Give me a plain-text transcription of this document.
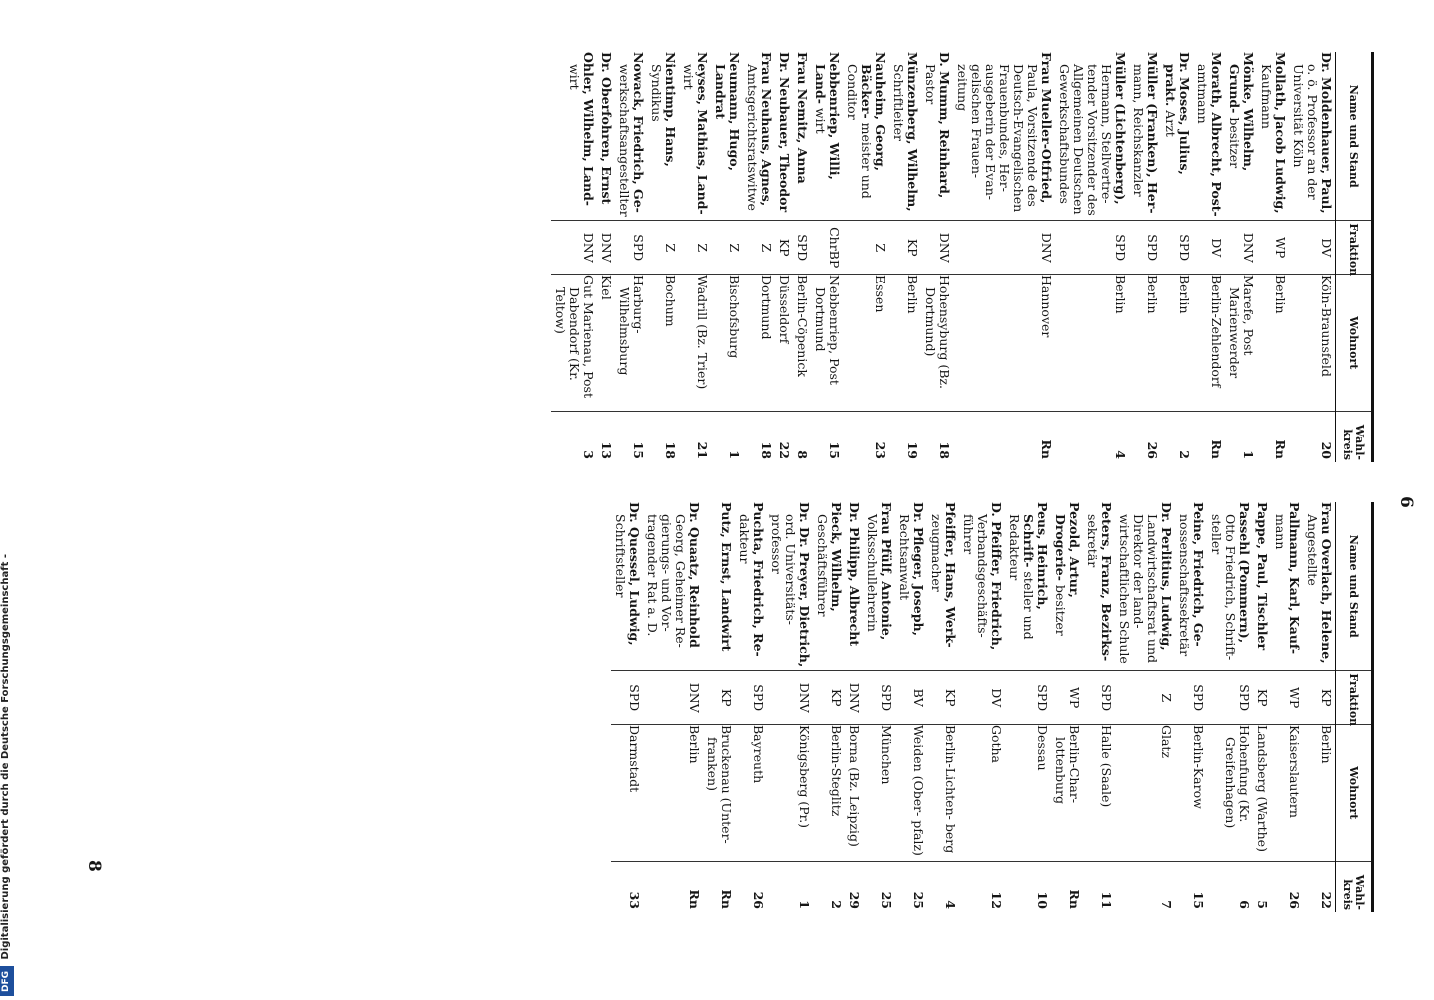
Digitalisierung gefördert durch die Deutsche Forschungsgemeinschaft -
DFG
6
8
Name und Stand	Fraktion	Wohnort	Wahl-kreis
Dr. Moldenhauer, Paul, o. ö. Professor an der Universität Köln	DV	Köln-Braunsfeld	20
Mollath, Jacob Ludwig, Kaufmann	WP	Berlin	Rn
Mönke, Wilhelm, Grund- besitzer	DNV	Marefe, Post Marienwerder	1
Morath, Albrecht, Post- amtmann	DV	Berlin-Zehlendorf	Rn
Dr. Moses, Julius, prakt. Arzt	SPD	Berlin	2
Müller (Franken), Her- mann, Reichskanzler	SPD	Berlin	26
Müller (Lichtenberg), Hermann, Stellvertre- tender Vorsitzender des Allgemeinen Deutschen Gewerkschaftsbundes	SPD	Berlin	4
Frau Mueller-Otfried, Paula, Vorsitzende des Deutsch-Evangelischen Frauenbundes, Her- ausgeberin der Evan- gelischen Frauen- zeitung	DNV	Hannover	Rn
D. Mumm, Reinhard, Pastor	DNV	Hohensyburg (Bz. Dortmund)	18
Münzenberg, Wilhelm, Schriftleiter	KP	Berlin	19
Nauheim, Georg, Bäcker- meister und Conditor	Z	Essen	23
Nebbenriep, Willi, Land- wirt	ChrBP	Nebbenriep, Post Dortmund	15
Frau Nemitz, Anna	SPD	Berlin-Cöpenick	8
Dr. Neubauer, Theodor	KP	Düsseldorf	22
Frau Neuhaus, Agnes, Amtsgerichtsratswitwe	Z	Dortmund	18
Neumann, Hugo, Landrat	Z	Bischofsburg	1
Neyses, Mathias, Land- wirt	Z	Wadrill (Bz. Trier)	21
Nientimp, Hans, Syndikus	Z	Bochum	18
Nowack, Friedrich, Ge- werkschaftsangestellter	SPD	Harburg- Wilhelmsburg	15
Dr. Oberfohren, Ernst	DNV	Kiel	13
Ohler, Wilhelm, Land- wirt	DNV	Gut Marienau, Post Dabendorf (Kr. Teltow)	3
Name und Stand	Fraktion	Wohnort	Wahl-kreis
Frau Overlach, Helene, Angestellte	KP	Berlin	22
Pallmann, Karl, Kauf- mann	WP	Kaiserslautern	26
Pappe, Paul, Tischler	KP	Landsberg (Warthe)	5
Passehl (Pommern), Otto Friedrich, Schrift- steller	SPD	Hohenfung (Kr. Greifenhagen)	6
Peine, Friedrich, Ge- nossenschaftssekretär	SPD	Berlin-Karow	15
Dr. Perlitius, Ludwig, Landwirtschaftsrat und Direktor der land- wirtschaftlichen Schule	Z	Glatz	7
Peters, Franz, Bezirks- sekretär	SPD	Halle (Saale)	11
Pezold, Artur, Drogerie- besitzer	WP	Berlin-Char- lottenburg	Rn
Peus, Heinrich, Schrift- steller und Redakteur	SPD	Dessau	10
D. Pfeiffer, Friedrich, Verbandsgeschäfts- führer	DV	Gotha	12
Pfeiffer, Hans, Werk- zeugmacher	KP	Berlin-Lichten- berg	4
Dr. Pfleger, Joseph, Rechtsanwalt	BV	Weiden (Ober- pfalz)	25
Frau Pfülf, Antonie, Volksschullehrerin	SPD	München	25
Dr. Philipp, Albrecht	DNV	Borna (Bz. Leipzig)	29
Pieck, Wilhelm, Geschäftsführer	KP	Berlin-Steglitz	2
Dr. Dr. Preyer, Dietrich, ord. Universitäts- professor	DNV	Königsberg (Pr.)	1
Puchta, Friedrich, Re- dakteur	SPD	Bayreuth	26
Putz, Ernst, Landwirt	KP	Bruckenau (Unter- franken)	Rn
Dr. Quaatz, Reinhold Georg, Geheimer Re- gierungs- und Vor- tragender Rat a. D.	DNV	Berlin	Rn
Dr. Quessel, Ludwig, Schriftsteller	SPD	Darmstadt	33
